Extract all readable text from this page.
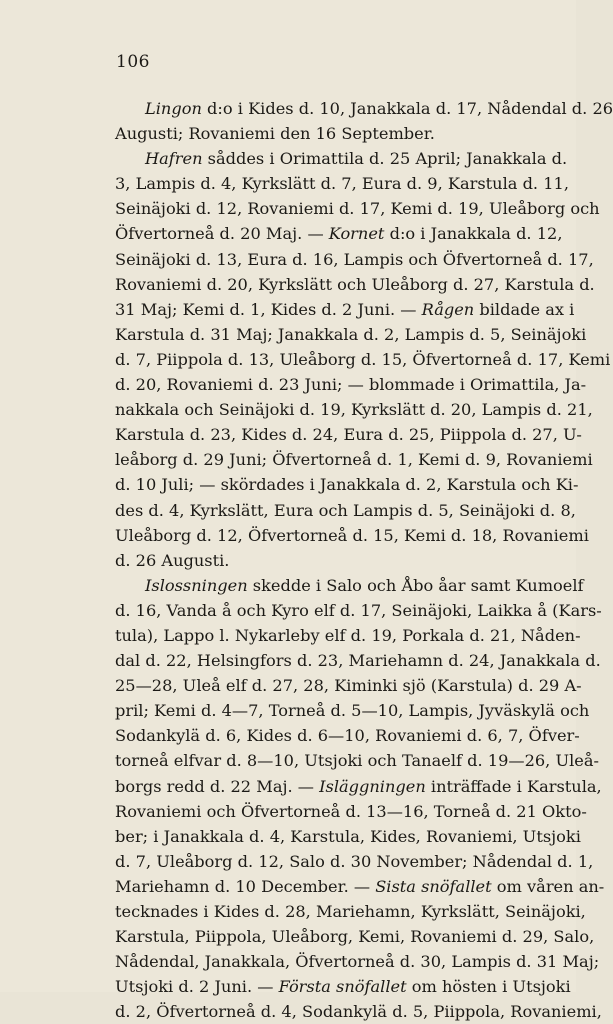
106
Lingon d:o i Kides d. 10, Janakkala d. 17, Nådendal d. 26
Augusti; Rovaniemi den 16 September.
Hafren såddes i Orimattila d. 25 April; Janakkala d.
3, Lampis d. 4, Kyrkslätt d. 7, Eura d. 9, Karstula d. 11,
Seinäjoki d. 12, Rovaniemi d. 17, Kemi d. 19, Uleåborg och
Öfvertorneå d. 20 Maj. — Kornet d:o i Janakkala d. 12,
Seinäjoki d. 13, Eura d. 16, Lampis och Öfvertorneå d. 17,
Rovaniemi d. 20, Kyrkslätt och Uleåborg d. 27, Karstula d.
31 Maj; Kemi d. 1, Kides d. 2 Juni. — Rågen bildade ax i
Karstula d. 31 Maj; Janakkala d. 2, Lampis d. 5, Seinäjoki
d. 7, Piippola d. 13, Uleåborg d. 15, Öfvertorneå d. 17, Kemi
d. 20, Rovaniemi d. 23 Juni; — blommade i Orimattila, Ja-
nakkala och Seinäjoki d. 19, Kyrkslätt d. 20, Lampis d. 21,
Karstula d. 23, Kides d. 24, Eura d. 25, Piippola d. 27, U-
leåborg d. 29 Juni; Öfvertorneå d. 1, Kemi d. 9, Rovaniemi
d. 10 Juli; — skördades i Janakkala d. 2, Karstula och Ki-
des d. 4, Kyrkslätt, Eura och Lampis d. 5, Seinäjoki d. 8,
Uleåborg d. 12, Öfvertorneå d. 15, Kemi d. 18, Rovaniemi
d. 26 Augusti.
Islossningen skedde i Salo och Åbo åar samt Kumoelf
d. 16, Vanda å och Kyro elf d. 17, Seinäjoki, Laikka å (Kars-
tula), Lappo l. Nykarleby elf d. 19, Porkala d. 21, Nåden-
dal d. 22, Helsingfors d. 23, Mariehamn d. 24, Janakkala d.
25—28, Uleå elf d. 27, 28, Kiminki sjö (Karstula) d. 29 A-
pril; Kemi d. 4—7, Torneå d. 5—10, Lampis, Jyväskylä och
Sodankylä d. 6, Kides d. 6—10, Rovaniemi d. 6, 7, Öfver-
torneå elfvar d. 8—10, Utsjoki och Tanaelf d. 19—26, Uleå-
borgs redd d. 22 Maj. — Isläggningen inträffade i Karstula,
Rovaniemi och Öfvertorneå d. 13—16, Torneå d. 21 Okto-
ber; i Janakkala d. 4, Karstula, Kides, Rovaniemi, Utsjoki
d. 7, Uleåborg d. 12, Salo d. 30 November; Nådendal d. 1,
Mariehamn d. 10 December. — Sista snöfallet om våren an-
tecknades i Kides d. 28, Mariehamn, Kyrkslätt, Seinäjoki,
Karstula, Piippola, Uleåborg, Kemi, Rovaniemi d. 29, Salo,
Nådendal, Janakkala, Öfvertorneå d. 30, Lampis d. 31 Maj;
Utsjoki d. 2 Juni. — Första snöfallet om hösten i Utsjoki
d. 2, Öfvertorneå d. 4, Sodankylä d. 5, Piippola, Rovaniemi,
